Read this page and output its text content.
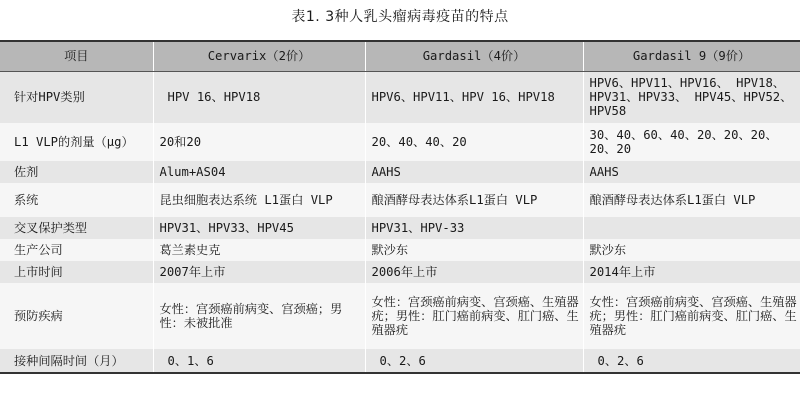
表1. 3种人乳头瘤病毒疫苗的特点
项目	Cervarix（2价）	Gardasil（4价）	Gardasil 9（9价）
针对HPV类别	HPV 16、HPV18	HPV6、HPV11、HPV 16、HPV18	HPV6、HPV11、HPV16、 HPV18、HPV31、HPV33、 HPV45、HPV52、HPV58
L1 VLP的剂量（μg）	20和20	20、40、40、20	30、40、60、40、20、20、20、20、20
佐剂	Alum+AS04	AAHS	AAHS
系统	昆虫细胞表达系统 L1蛋白 VLP	酿酒酵母表达体系L1蛋白 VLP	酿酒酵母表达体系L1蛋白 VLP
交叉保护类型	HPV31、HPV33、HPV45	HPV31、HPV-33	
生产公司	葛兰素史克	默沙东	默沙东
上市时间	2007年上市	2006年上市	2014年上市
预防疾病	女性：宫颈癌前病变、宫颈癌；男性：未被批准	女性：宫颈癌前病变、宫颈癌、生殖器疣；男性：肛门癌前病变、肛门癌、生殖器疣	女性：宫颈癌前病变、宫颈癌、生殖器疣；男性：肛门癌前病变、肛门癌、生殖器疣
接种间隔时间（月）	0、1、6	0、2、6	0、2、6
